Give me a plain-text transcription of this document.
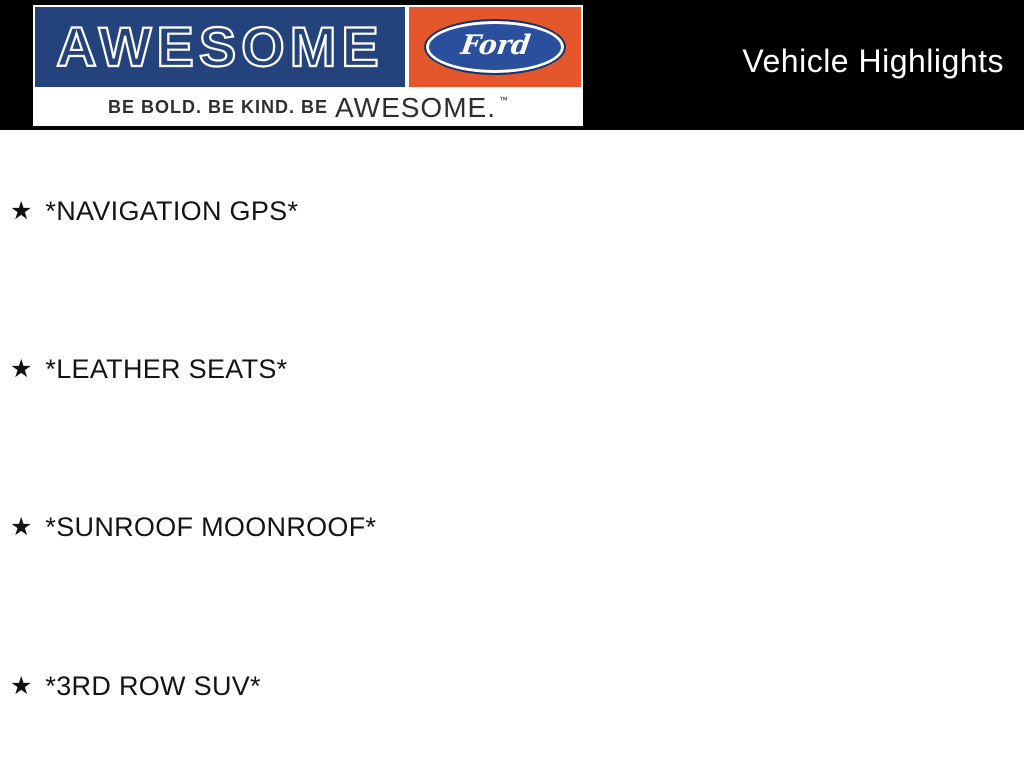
AWESOME	Ford
BE BOLD. BE KIND. BE AWESOME. ™
Vehicle Highlights
★ *NAVIGATION GPS*
★ *LEATHER SEATS*
★ *SUNROOF MOONROOF*
★ *3RD ROW SUV*
